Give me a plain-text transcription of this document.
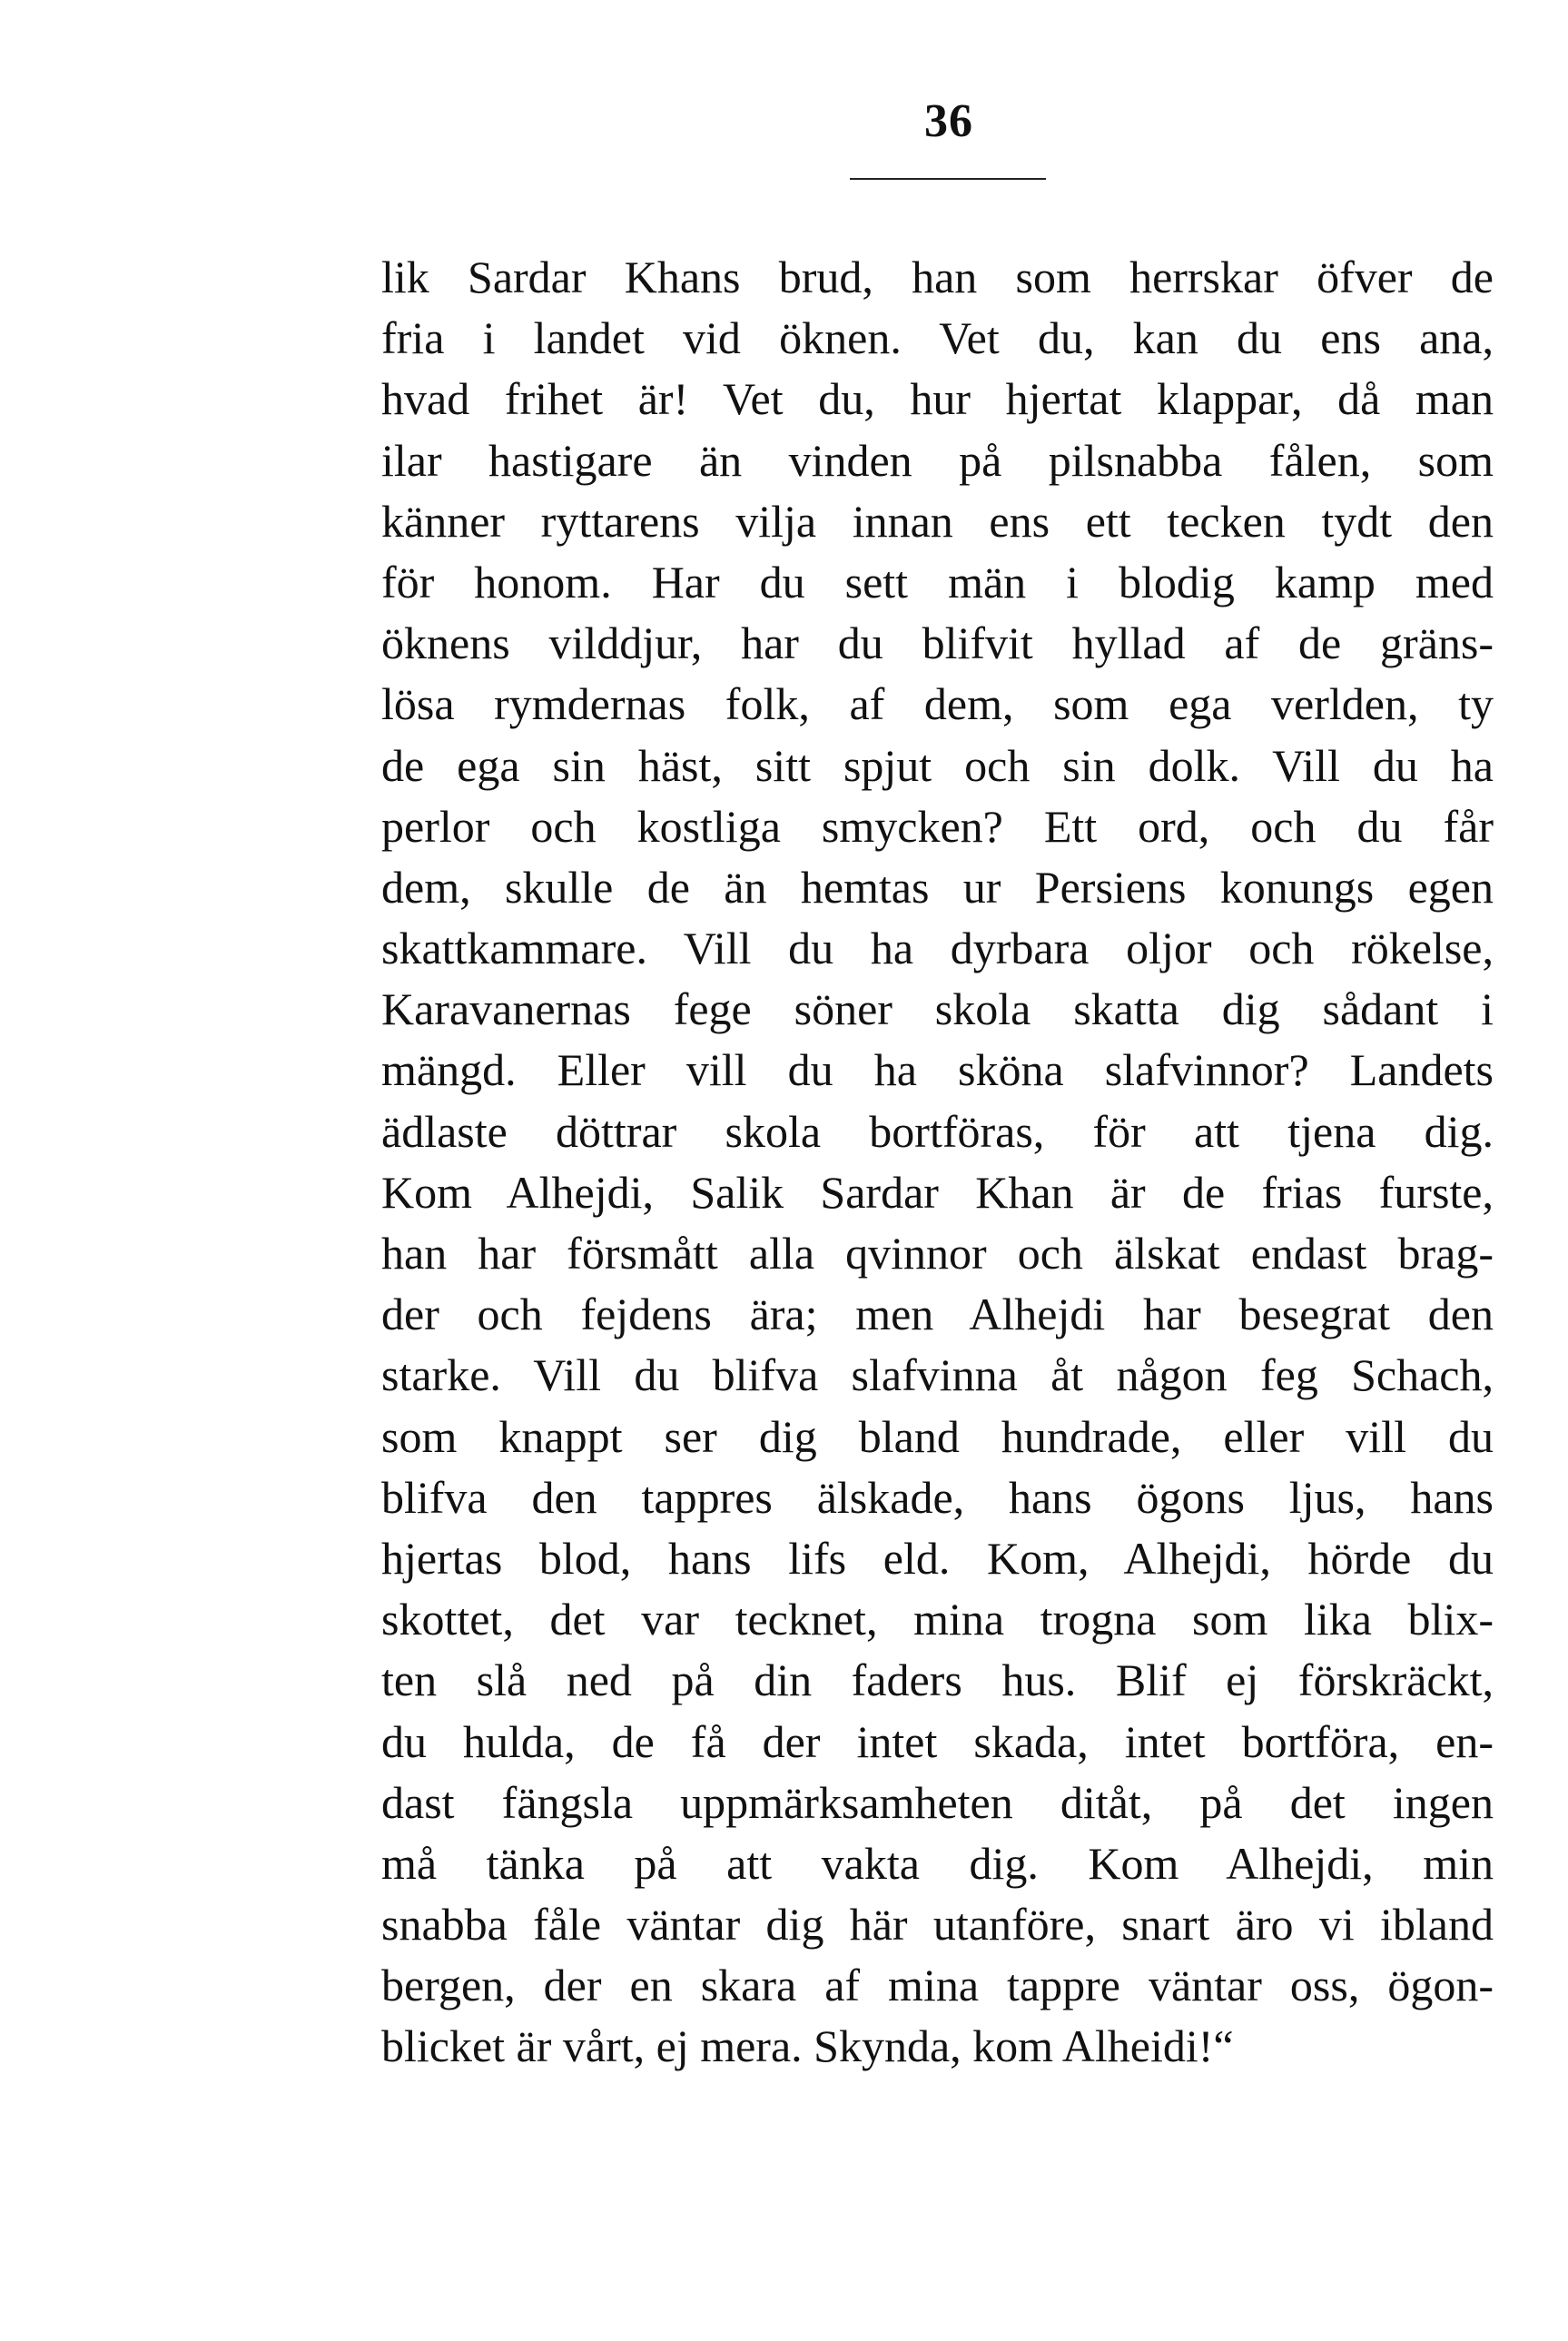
36
lik Sardar Khans brud, han som herrskar öfver de
fria i landet vid öknen. Vet du, kan du ens ana,
hvad frihet är! Vet du, hur hjertat klappar, då man
ilar hastigare än vinden på pilsnabba fålen, som
känner ryttarens vilja innan ens ett tecken tydt den
för honom. Har du sett män i blodig kamp med
öknens vilddjur, har du blifvit hyllad af de gräns-
lösa rymdernas folk, af dem, som ega verlden, ty
de ega sin häst, sitt spjut och sin dolk. Vill du ha
perlor och kostliga smycken? Ett ord, och du får
dem, skulle de än hemtas ur Persiens konungs egen
skattkammare. Vill du ha dyrbara oljor och rökelse,
Karavanernas fege söner skola skatta dig sådant i
mängd. Eller vill du ha sköna slafvinnor? Landets
ädlaste döttrar skola bortföras, för att tjena dig.
Kom Alhejdi, Salik Sardar Khan är de frias furste,
han har försmått alla qvinnor och älskat endast brag-
der och fejdens ära; men Alhejdi har besegrat den
starke. Vill du blifva slafvinna åt någon feg Schach,
som knappt ser dig bland hundrade, eller vill du
blifva den tappres älskade, hans ögons ljus, hans
hjertas blod, hans lifs eld. Kom, Alhejdi, hörde du
skottet, det var tecknet, mina trogna som lika blix-
ten slå ned på din faders hus. Blif ej förskräckt,
du hulda, de få der intet skada, intet bortföra, en-
dast fängsla uppmärksamheten ditåt, på det ingen
må tänka på att vakta dig. Kom Alhejdi, min
snabba fåle väntar dig här utanföre, snart äro vi ibland
bergen, der en skara af mina tappre väntar oss, ögon-
blicket är vårt, ej mera. Skynda, kom Alheidi!“
